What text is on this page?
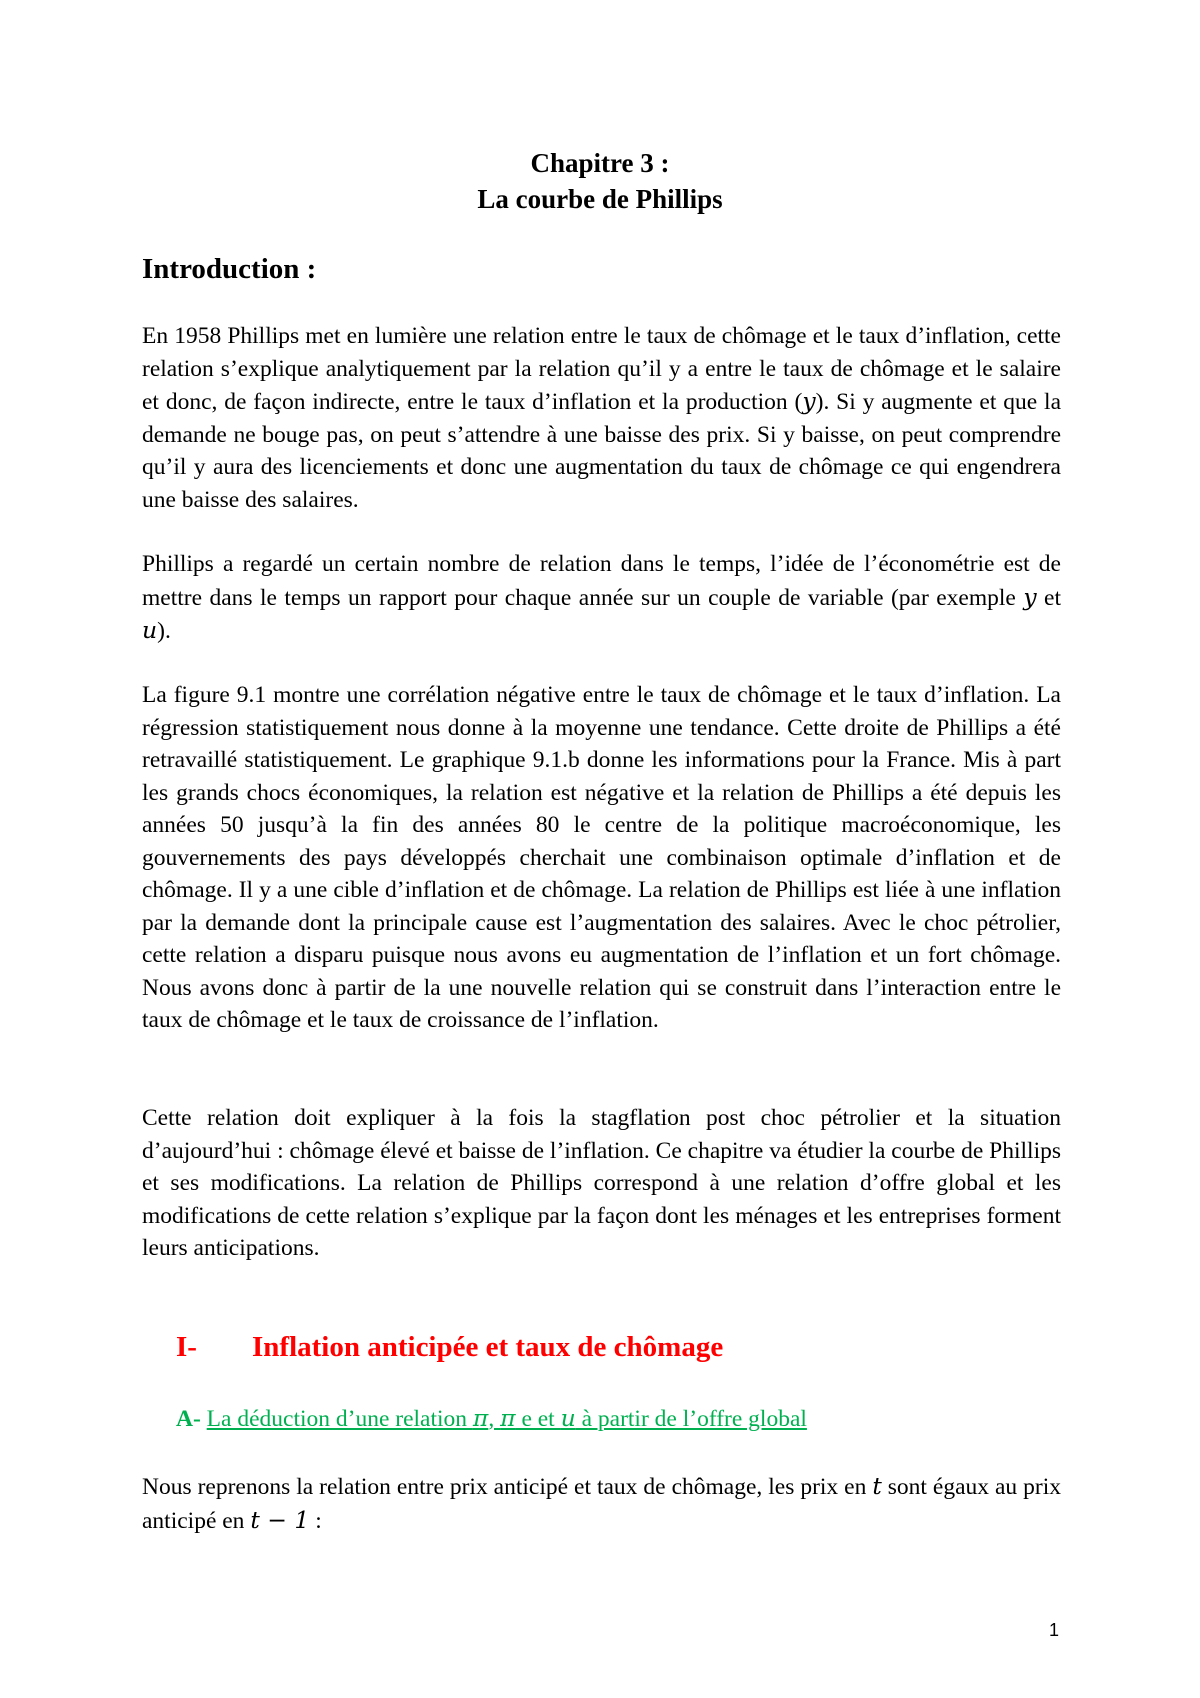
Chapitre 3 :
La courbe de Phillips
Introduction :

En 1958 Phillips met en lumière une relation entre le taux de chômage et le taux d’inflation, cette relation s’explique analytiquement par la relation qu’il y a entre le taux de chômage et le salaire et donc, de façon indirecte, entre le taux d’inflation et la production (y). Si y augmente et que la demande ne bouge pas, on peut s’attendre à une baisse des prix. Si y baisse, on peut comprendre qu’il y aura des licenciements et donc une augmentation du taux de chômage ce qui engendrera une baisse des salaires.

Phillips a regardé un certain nombre de relation dans le temps, l’idée de l’économétrie est de mettre dans le temps un rapport pour chaque année sur un couple de variable (par exemple y et u).

La figure 9.1 montre une corrélation négative entre le taux de chômage et le taux d’inflation. La régression statistiquement nous donne à la moyenne une tendance. Cette droite de Phillips a été retravaillé statistiquement. Le graphique 9.1.b donne les informations pour la France. Mis à part les grands chocs économiques, la relation est négative et la relation de Phillips a été depuis les années 50 jusqu’à la fin des années 80 le centre de la politique macroéconomique, les gouvernements des pays développés cherchait une combinaison optimale d’inflation et de chômage. Il y a une cible d’inflation et de chômage. La relation de Phillips est liée à une inflation par la demande dont la principale cause est l’augmentation des salaires. Avec le choc pétrolier, cette relation a disparu puisque nous avons eu augmentation de l’inflation et un fort chômage. Nous avons donc à partir de la une nouvelle relation qui se construit dans l’interaction entre le taux de chômage et le taux de croissance de l’inflation.

Cette relation doit expliquer à la fois la stagflation post choc pétrolier et la situation d’aujourd’hui : chômage élevé et baisse de l’inflation. Ce chapitre va étudier la courbe de Phillips et ses modifications. La relation de Phillips correspond à une relation d’offre global et les modifications de cette relation s’explique par la façon dont les ménages et les entreprises forment leurs anticipations.

I- Inflation anticipée et taux de chômage
A- La déduction d’une relation π, π e et u à partir de l’offre global

Nous reprenons la relation entre prix anticipé et taux de chômage, les prix en t sont égaux au prix anticipé en t − 1 :

1
